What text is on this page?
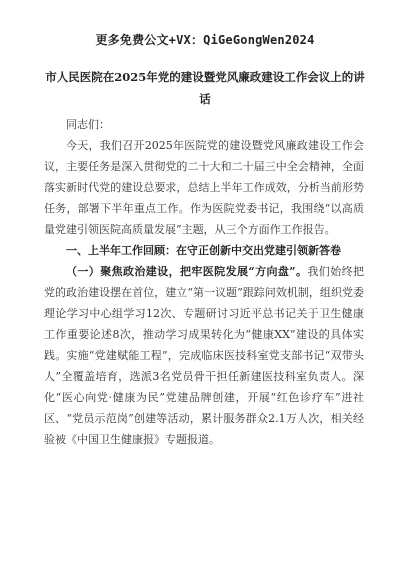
更多免费公文+VX：QiGeGongWen2024
市人民医院在2025年党的建设暨党风廉政建设工作会议上的讲话

同志们：

今天，我们召开2025年医院党的建设暨党风廉政建设工作会议，主要任务是深入贯彻党的二十大和二十届三中全会精神，全面落实新时代党的建设总要求，总结上半年工作成效，分析当前形势任务，部署下半年重点工作。作为医院党委书记，我围绕“以高质量党建引领医院高质量发展”主题，从三个方面作工作报告。

一、上半年工作回顾：在守正创新中交出党建引领新答卷

（一）聚焦政治建设，把牢医院发展“方向盘”。我们始终把党的政治建设摆在首位，建立“第一议题”跟踪问效机制，组织党委理论学习中心组学习12次、专题研讨习近平总书记关于卫生健康工作重要论述8次，推动学习成果转化为“健康XX”建设的具体实践。实施“党建赋能工程”，完成临床医技科室党支部书记“双带头人”全覆盖培育，选派3名党员骨干担任新建医技科室负责人。深化“医心向党·健康为民”党建品牌创建，开展“红色诊疗车”进社区、“党员示范岗”创建等活动，累计服务群众2.1万人次，相关经验被《中国卫生健康报》专题报道。
